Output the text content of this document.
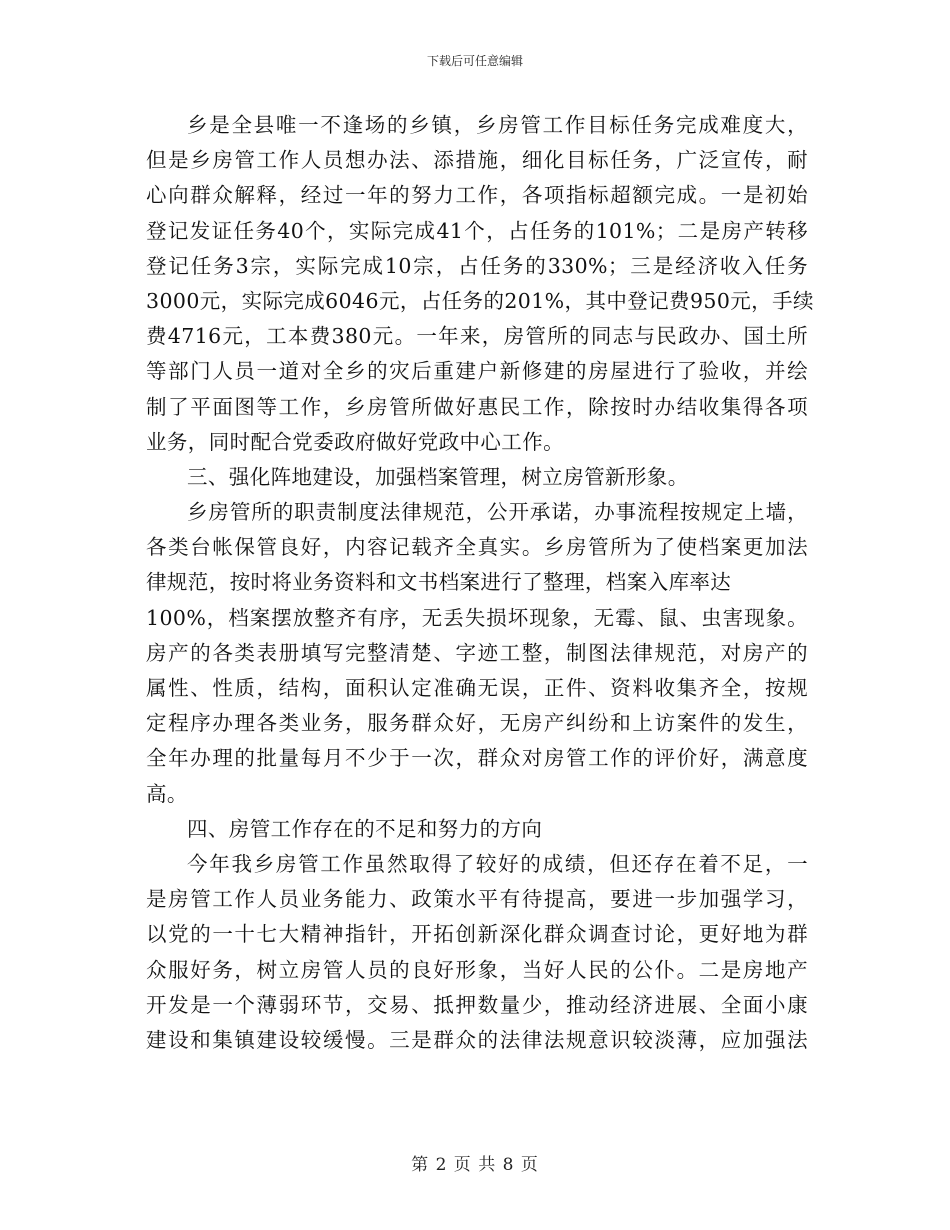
下载后可任意编辑
乡是全县唯一不逢场的乡镇，乡房管工作目标任务完成难度大，
但是乡房管工作人员想办法、添措施，细化目标任务，广泛宣传，耐
心向群众解释，经过一年的努力工作，各项指标超额完成。一是初始
登记发证任务40个，实际完成41个，占任务的101%；二是房产转移
登记任务3宗，实际完成10宗，占任务的330%；三是经济收入任务
3000元，实际完成6046元，占任务的201%，其中登记费950元，手续
费4716元，工本费380元。一年来，房管所的同志与民政办、国土所
等部门人员一道对全乡的灾后重建户新修建的房屋进行了验收，并绘
制了平面图等工作，乡房管所做好惠民工作，除按时办结收集得各项
业务，同时配合党委政府做好党政中心工作。
三、强化阵地建设，加强档案管理，树立房管新形象。
乡房管所的职责制度法律规范，公开承诺，办事流程按规定上墙，
各类台帐保管良好，内容记载齐全真实。乡房管所为了使档案更加法
律规范，按时将业务资料和文书档案进行了整理，档案入库率达
100%，档案摆放整齐有序，无丢失损坏现象，无霉、鼠、虫害现象。
房产的各类表册填写完整清楚、字迹工整，制图法律规范，对房产的
属性、性质，结构，面积认定准确无误，正件、资料收集齐全，按规
定程序办理各类业务，服务群众好，无房产纠纷和上访案件的发生，
全年办理的批量每月不少于一次，群众对房管工作的评价好，满意度
高。
四、房管工作存在的不足和努力的方向
今年我乡房管工作虽然取得了较好的成绩，但还存在着不足，一
是房管工作人员业务能力、政策水平有待提高，要进一步加强学习，
以党的一十七大精神指针，开拓创新深化群众调查讨论，更好地为群
众服好务，树立房管人员的良好形象，当好人民的公仆。二是房地产
开发是一个薄弱环节，交易、抵押数量少，推动经济进展、全面小康
建设和集镇建设较缓慢。三是群众的法律法规意识较淡薄，应加强法
第 2 页 共 8 页
